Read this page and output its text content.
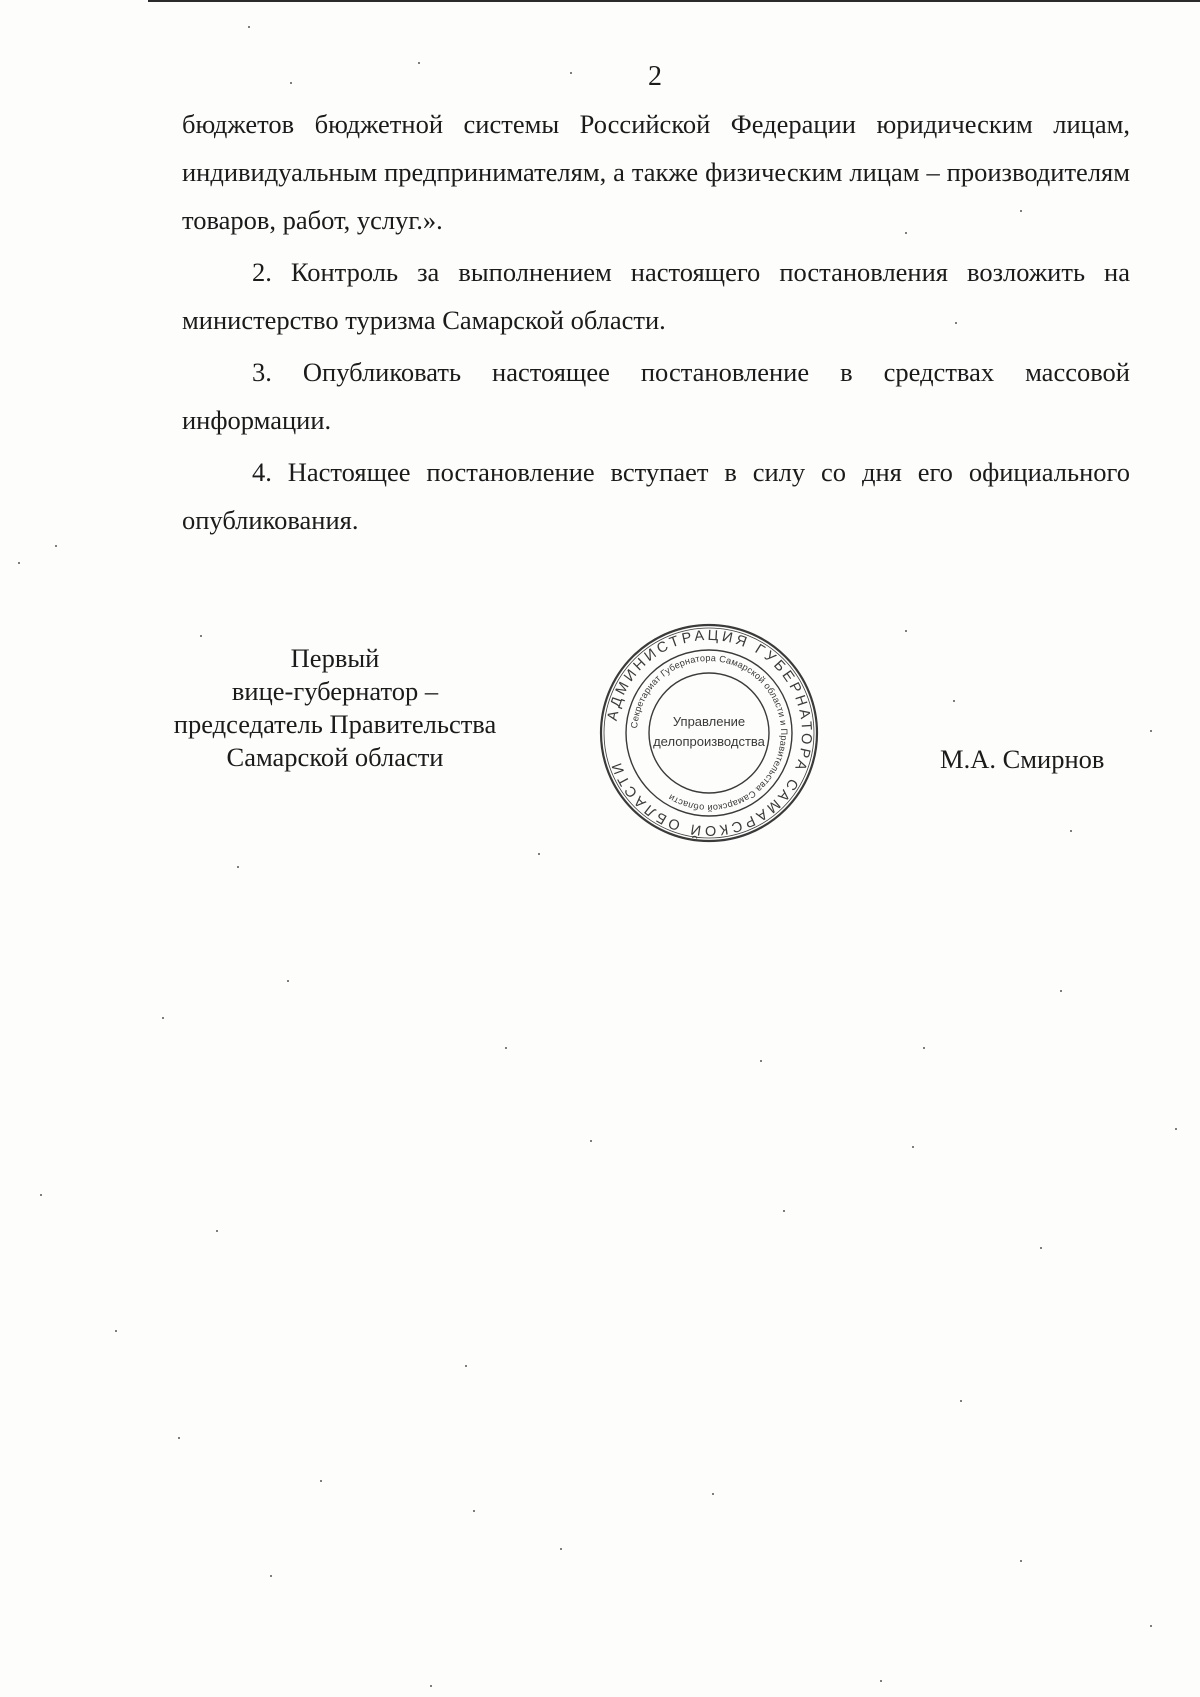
2

бюджетов бюджетной системы Российской Федерации юридическим лицам, индивидуальным предпринимателям, а также физическим лицам – производителям товаров, работ, услуг.».

2. Контроль за выполнением настоящего постановления возложить на министерство туризма Самарской области.

3. Опубликовать настоящее постановление в средствах массовой информации.

4. Настоящее постановление вступает в силу со дня его официального опубликования.

Первый
вице-губернатор –
председатель Правительства
Самарской области
АДМИНИСТРАЦИЯ ГУБЕРНАТОРА САМАРСКОЙ ОБЛАСТИ
Секретариат Губернатора Самарской области и Правительства Самарской области
Управление
делопроизводства
М.А. Смирнов
